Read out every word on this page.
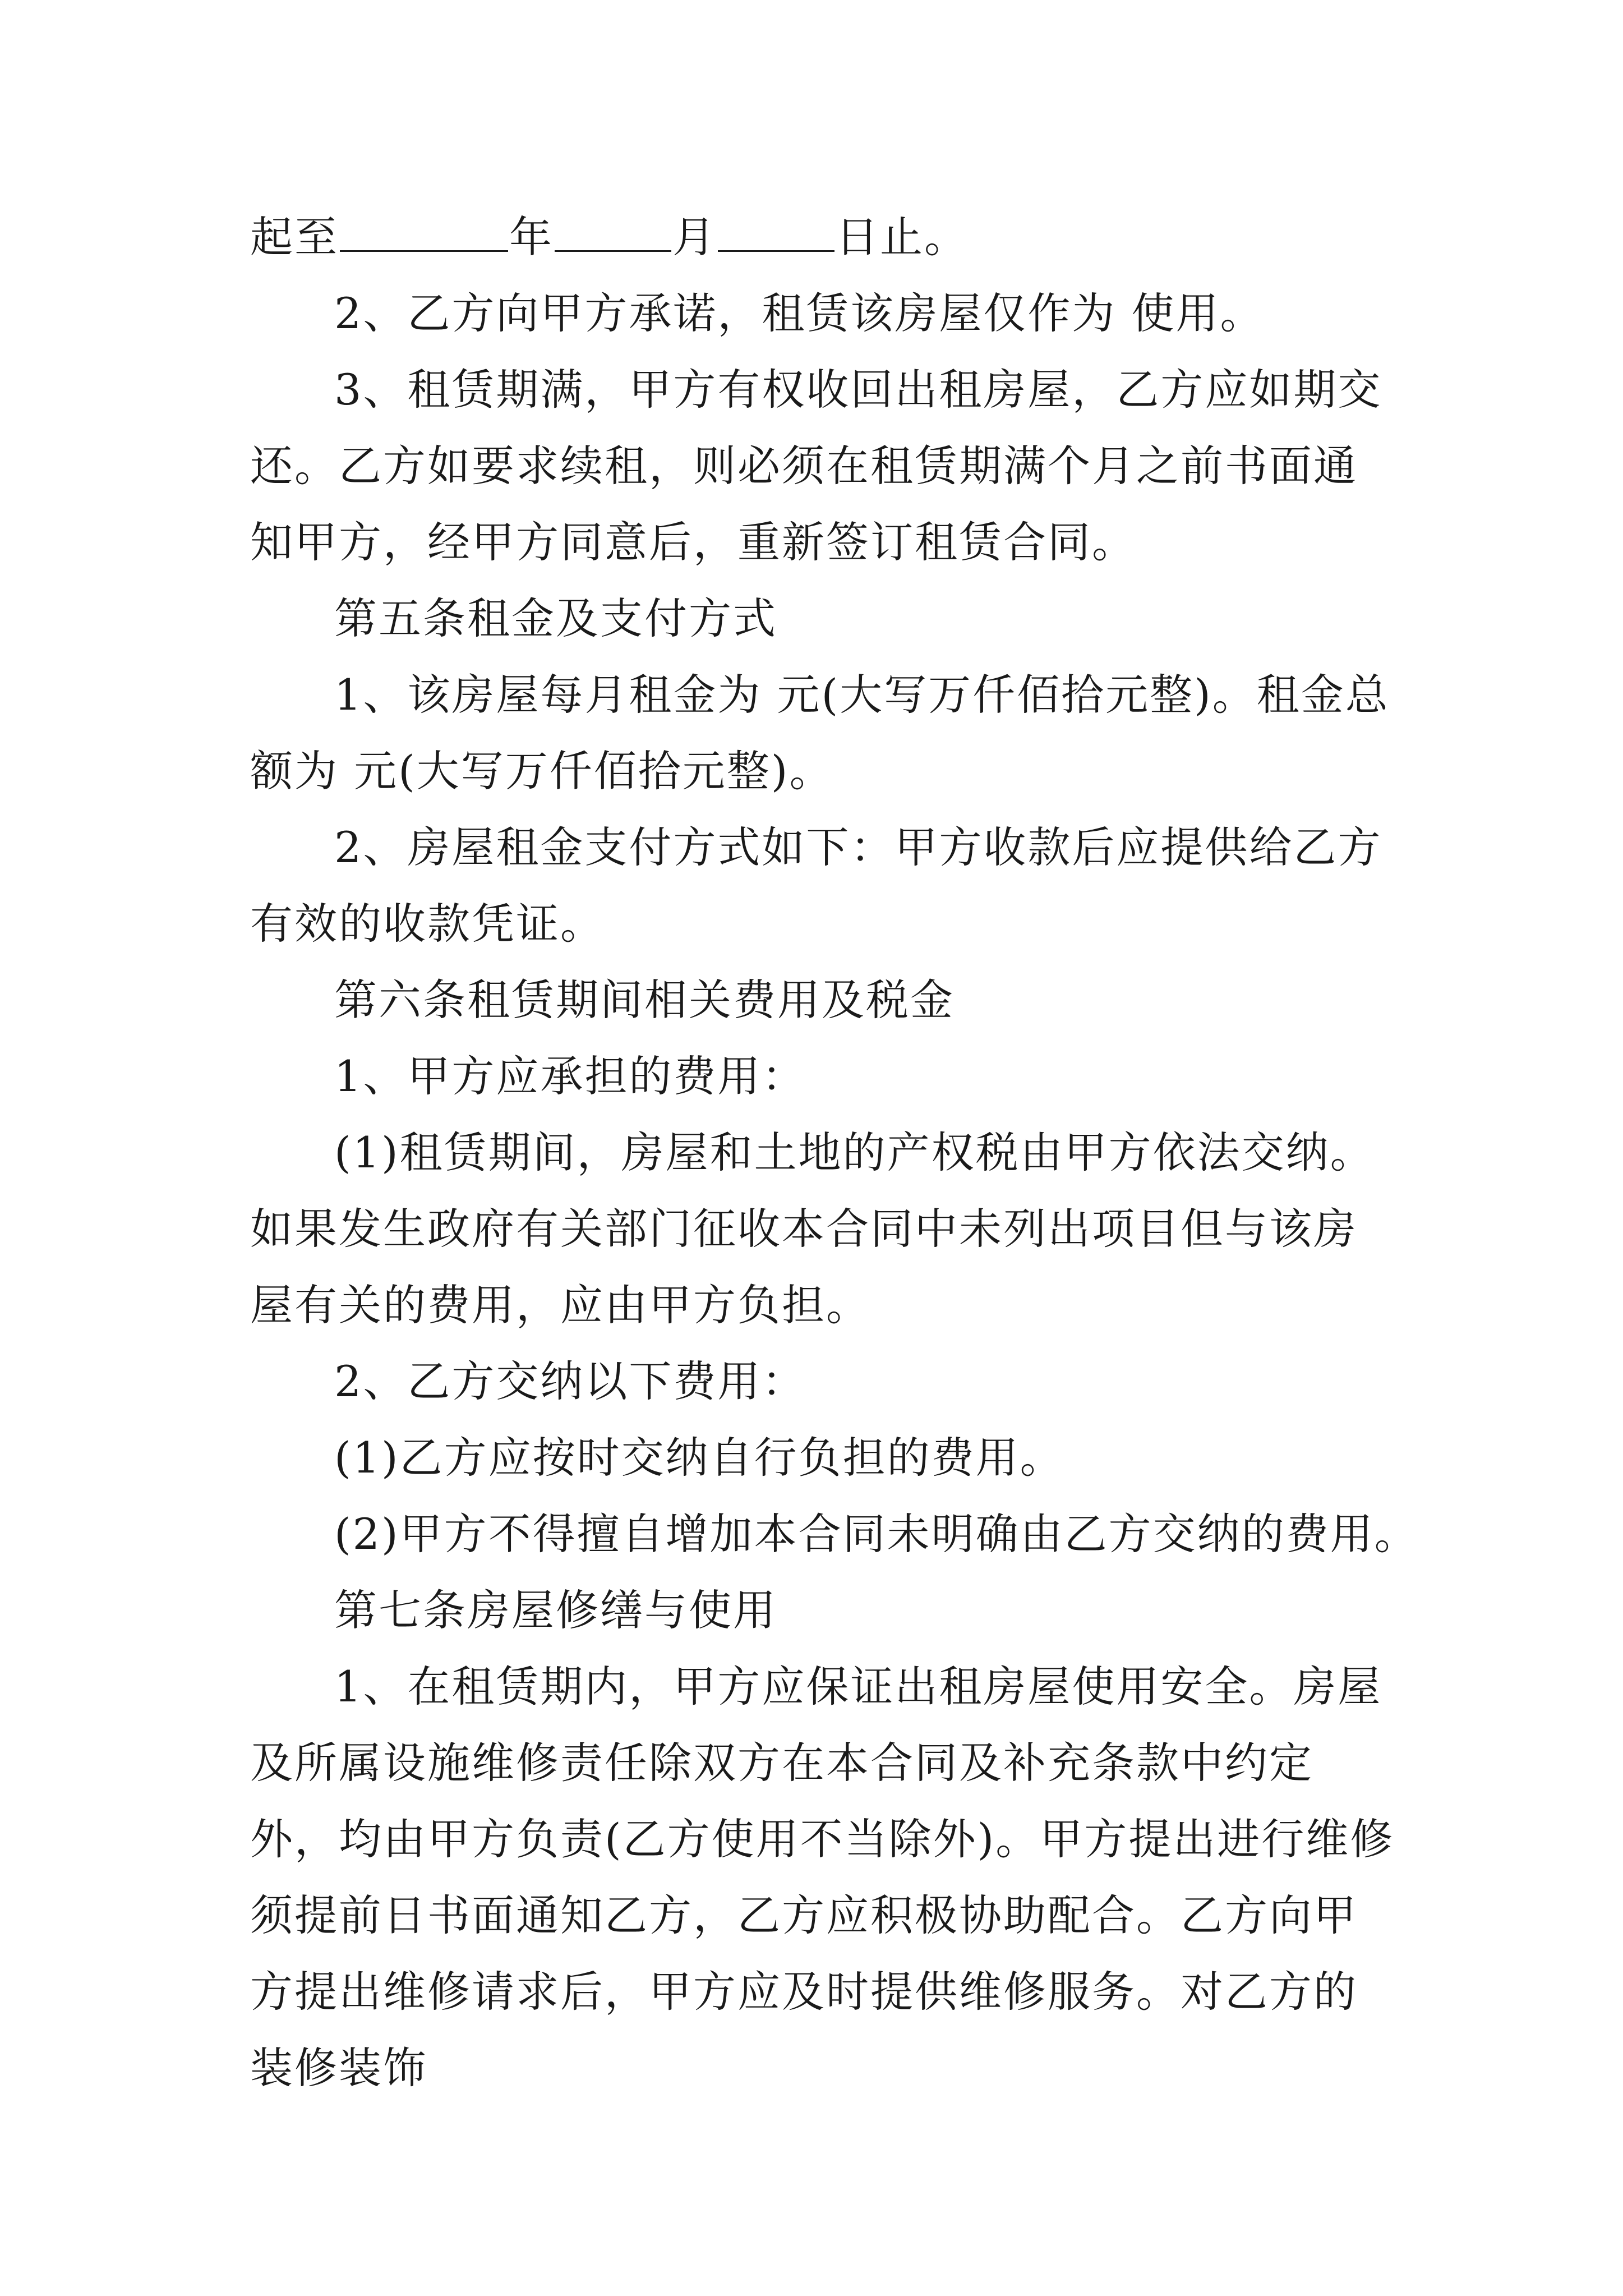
起至	年	月	日止。

2、乙方向甲方承诺，租赁该房屋仅作为 使用。

3、租赁期满，甲方有权收回出租房屋，乙方应如期交还。乙方如要求续租，则必须在租赁期满个月之前书面通知甲方，经甲方同意后，重新签订租赁合同。

第五条租金及支付方式

1、该房屋每月租金为 元(大写万仟佰拾元整)。租金总额为 元(大写万仟佰拾元整)。

2、房屋租金支付方式如下：甲方收款后应提供给乙方有效的收款凭证。

第六条租赁期间相关费用及税金

1、甲方应承担的费用：

(1)租赁期间，房屋和土地的产权税由甲方依法交纳。如果发生政府有关部门征收本合同中未列出项目但与该房屋有关的费用，应由甲方负担。

2、乙方交纳以下费用：

(1)乙方应按时交纳自行负担的费用。

(2)甲方不得擅自增加本合同未明确由乙方交纳的费用。

第七条房屋修缮与使用

1、在租赁期内，甲方应保证出租房屋使用安全。房屋及所属设施维修责任除双方在本合同及补充条款中约定外，均由甲方负责(乙方使用不当除外)。甲方提出进行维修须提前日书面通知乙方，乙方应积极协助配合。乙方向甲方提出维修请求后，甲方应及时提供维修服务。对乙方的装修装饰
